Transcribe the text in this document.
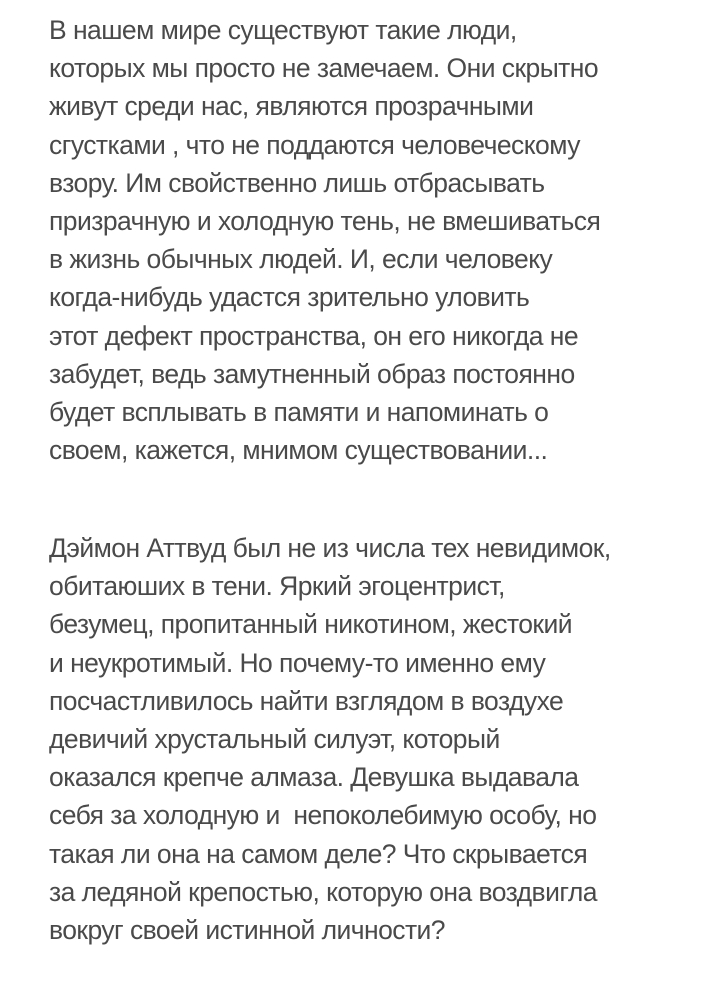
В нашем мире существуют такие люди,
которых мы просто не замечаем. Они скрытно
живут среди нас, являются прозрачными
сгустками , что не поддаются человеческому
взору. Им свойственно лишь отбрасывать
призрачную и холодную тень, не вмешиваться
в жизнь обычных людей. И, если человеку
когда-нибудь удастся зрительно уловить
этот дефект пространства, он его никогда не
забудет, ведь замутненный образ постоянно
будет всплывать в памяти и напоминать о
своем, кажется, мнимом существовании...

Дэймон Аттвуд был не из числа тех невидимок,
обитаюших в тени. Яркий эгоцентрист,
безумец, пропитанный никотином, жестокий
и неукротимый. Но почему-то именно ему
посчастливилось найти взглядом в воздухе
девичий хрустальный силуэт, который
оказался крепче алмаза. Девушка выдавала
себя за холодную и  непоколебимую особу, но
такая ли она на самом деле? Что скрывается
за ледяной крепостью, которую она воздвигла
вокруг своей истинной личности?
